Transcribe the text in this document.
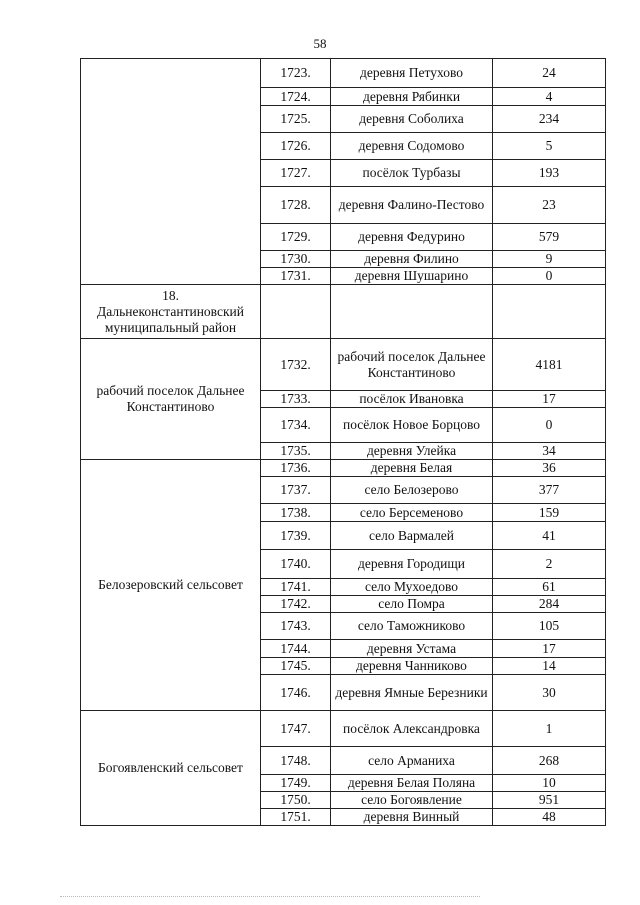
58
	1723.	деревня Петухово	24
	1724.	деревня Рябинки	4
	1725.	деревня Соболиха	234
	1726.	деревня Содомово	5
	1727.	посёлок Турбазы	193
	1728.	деревня Фалино-Пестово	23
	1729.	деревня Федурино	579
	1730.	деревня Филино	9
	1731.	деревня Шушарино	0
18.
Дальнеконстантиновский муниципальный район			
рабочий поселок Дальнее Константиново	1732.	рабочий поселок Дальнее Константиново	4181
	1733.	посёлок Ивановка	17
	1734.	посёлок Новое Борцово	0
	1735.	деревня Улейка	34
Белозеровский сельсовет	1736.	деревня Белая	36
	1737.	село Белозерово	377
	1738.	село Берсеменово	159
	1739.	село Вармалей	41
	1740.	деревня Городищи	2
	1741.	село Мухоедово	61
	1742.	село Помра	284
	1743.	село Таможниково	105
	1744.	деревня Устама	17
	1745.	деревня Чанниково	14
	1746.	деревня Ямные Березники	30
Богоявленский сельсовет	1747.	посёлок Александровка	1
	1748.	село Арманиха	268
	1749.	деревня Белая Поляна	10
	1750.	село Богоявление	951
	1751.	деревня Винный	48
